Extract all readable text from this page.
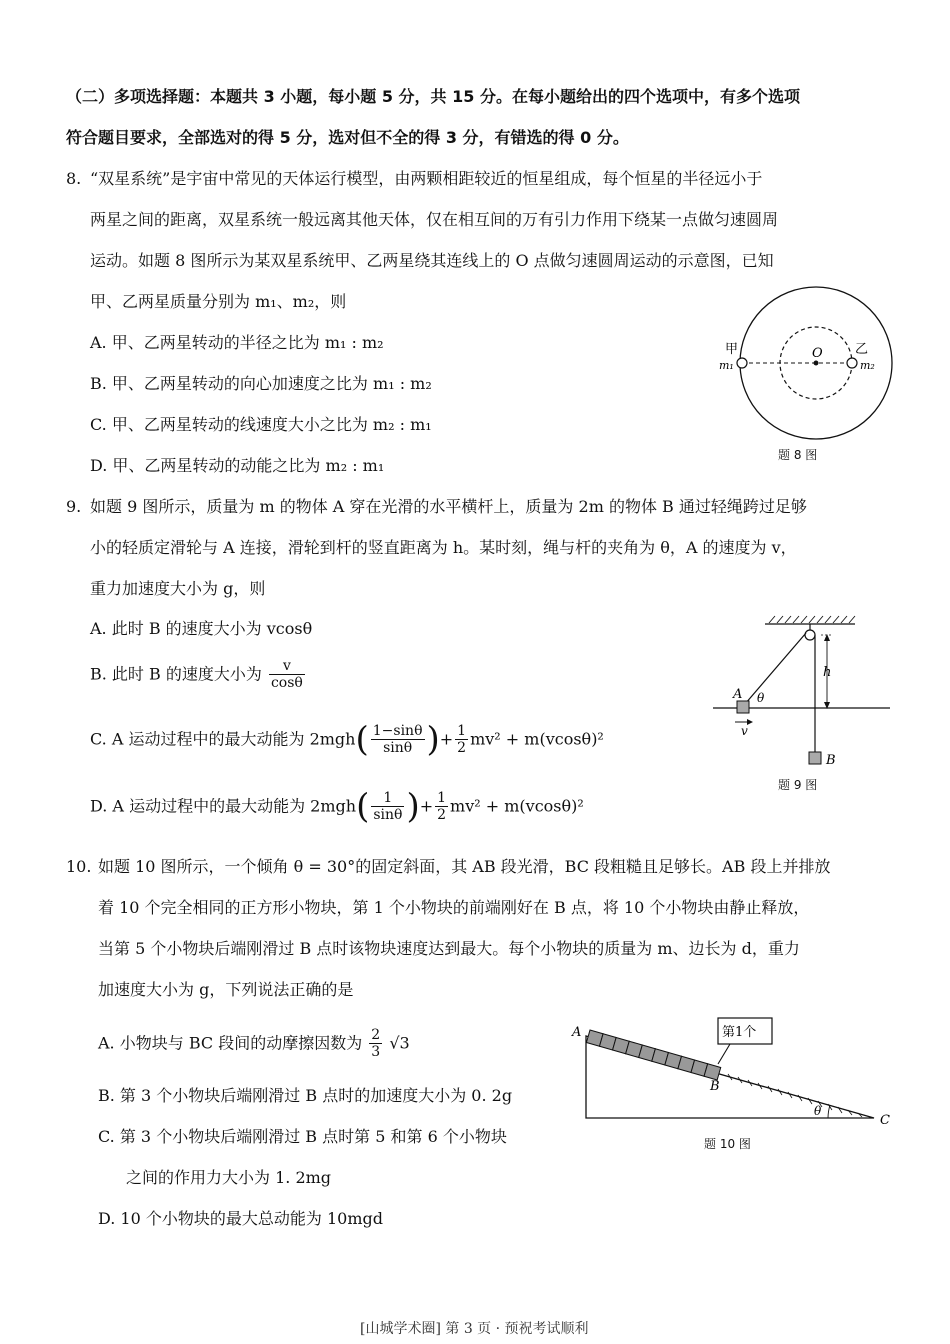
（二）多项选择题：本题共 3 小题，每小题 5 分，共 15 分。在每小题给出的四个选项中，有多个选项
符合题目要求，全部选对的得 5 分，选对但不全的得 3 分，有错选的得 0 分。
8. “双星系统”是宇宙中常见的天体运行模型，由两颗相距较近的恒星组成，每个恒星的半径远小于
两星之间的距离，双星系统一般远离其他天体，仅在相互间的万有引力作用下绕某一点做匀速圆周
运动。如题 8 图所示为某双星系统甲、乙两星绕其连线上的 O 点做匀速圆周运动的示意图，已知
甲、乙两星质量分别为 m₁、m₂，则
A. 甲、乙两星转动的半径之比为 m₁ : m₂
B. 甲、乙两星转动的向心加速度之比为 m₁ : m₂
C. 甲、乙两星转动的线速度大小之比为 m₂ : m₁
D. 甲、乙两星转动的动能之比为 m₂ : m₁
甲
m₁
O 乙
m₂
题 8 图
9. 如题 9 图所示，质量为 m 的物体 A 穿在光滑的水平横杆上，质量为 2m 的物体 B 通过轻绳跨过足够
小的轻质定滑轮与 A 连接，滑轮到杆的竖直距离为 h。某时刻，绳与杆的夹角为 θ，A 的速度为 v，
重力加速度大小为 g，则
A. 此时 B 的速度大小为 vcosθ
B. 此时 B 的速度大小为 $\frac{v}{\cos\theta}$
C. A 运动过程中的最大动能为 $2mgh( \frac{1-\sin\theta}{\sin\theta}$ )+ $\frac{1}{2} mv^2 + m(vcos\theta)^2$
D. A 运动过程中的最大动能为 $2mgh( \frac{1}{\sin\theta}$ )+ $\frac{1}{2} mv^2 + m(vcos\theta)^2$
h
A θ
v
B
题 9 图
10. 如题 10 图所示，一个倾角 θ = 30°的固定斜面，其 AB 段光滑，BC 段粗糙且足够长。AB 段上并排放
着 10 个完全相同的正方形小物块，第 1 个小物块的前端刚好在 B 点，将 10 个小物块由静止释放，
当第 5 个小物块后端刚滑过 B 点时该物块速度达到最大。每个小物块的质量为 m、边长为 d，重力
加速度大小为 g，下列说法正确的是
A. 小物块与 BC 段间的动摩擦因数为 $\frac{2}{3} √3$
B. 第 3 个小物块后端刚滑过 B 点时的加速度大小为 0. 2g
C. 第 3 个小物块后端刚滑过 B 点时第 5 和第 6 个小物块
之间的作用力大小为 1. 2mg
D. 10 个小物块的最大总动能为 10mgd
第1个
A
B
C
θ
题 10 图
[山城学术圈] 第 3 页 · 预祝考试顺利
